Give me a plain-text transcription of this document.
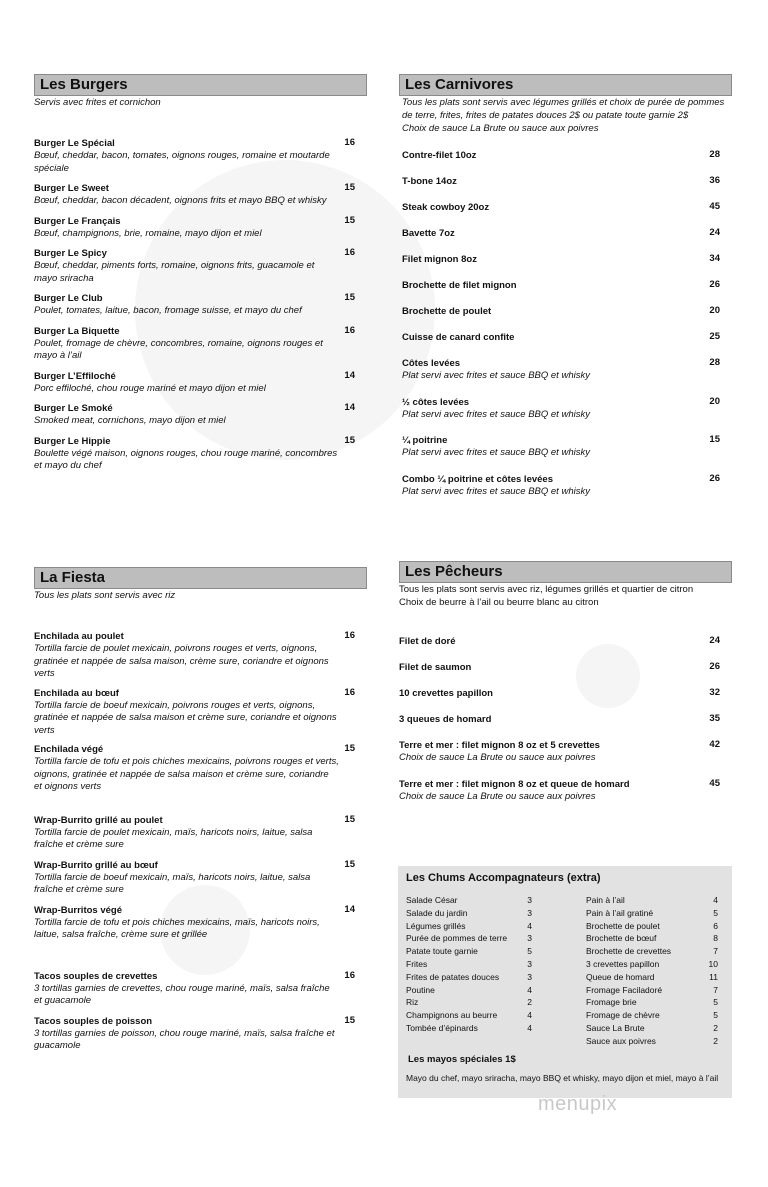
Les Burgers
Servis avec frites et cornichon
Burger Le Spécial	16
Bœuf, cheddar, bacon, tomates, oignons rouges, romaine et moutarde spéciale
Burger Le Sweet	15
Bœuf, cheddar, bacon décadent, oignons frits et mayo BBQ et whisky
Burger Le Français	15
Bœuf, champignons, brie, romaine, mayo dijon et miel
Burger Le Spicy	16
Bœuf, cheddar, piments forts, romaine, oignons frits, guacamole et mayo sriracha
Burger Le Club	15
Poulet, tomates, laitue, bacon, fromage suisse, et mayo du chef
Burger La Biquette	16
Poulet, fromage de chèvre, concombres, romaine, oignons rouges et mayo à l’ail
Burger L’Effiloché	14
Porc effiloché, chou rouge mariné et mayo dijon et miel
Burger Le Smoké	14
Smoked meat, cornichons, mayo dijon et miel
Burger Le Hippie	15
Boulette végé maison, oignons rouges, chou rouge mariné, concombres et mayo du chef
Les Carnivores
Tous les plats sont servis avec légumes grillés et choix de purée de pommes de terre, frites, frites de patates douces 2$ ou patate toute garnie 2$
Choix de sauce La Brute ou sauce aux poivres
Contre-filet 10oz	28
T-bone 14oz	36
Steak cowboy 20oz	45
Bavette 7oz	24
Filet mignon 8oz	34
Brochette de filet mignon	26
Brochette de poulet	20
Cuisse de canard confite	25
Côtes levées	28
Plat servi avec frites et sauce BBQ et whisky
½ côtes levées	20
Plat servi avec frites et sauce BBQ et whisky
¼ poitrine	15
Plat servi avec frites et sauce BBQ et whisky
Combo ¼ poitrine et côtes levées	26
Plat servi avec frites et sauce BBQ et whisky
La Fiesta
Tous les plats sont servis avec riz
Enchilada au poulet	16
Tortilla farcie de poulet mexicain, poivrons rouges et verts, oignons, gratinée et nappée de salsa maison, crème sure, coriandre et oignons verts
Enchilada au bœuf	16
Tortilla farcie de boeuf mexicain, poivrons rouges et verts, oignons, gratinée et nappée de salsa maison et crème sure, coriandre et oignons verts
Enchilada végé	15
Tortilla farcie de tofu et pois chiches mexicains, poivrons rouges et verts, oignons, gratinée et nappée de salsa maison et crème sure, coriandre et oignons verts
Wrap-Burrito grillé au poulet	15
Tortilla farcie de poulet mexicain, maïs, haricots noirs, laitue, salsa fraîche et crème sure
Wrap-Burrito grillé au bœuf	15
Tortilla farcie de boeuf mexicain, maïs, haricots noirs, laitue, salsa fraîche et crème sure
Wrap-Burritos végé	14
Tortilla farcie de tofu et pois chiches mexicains, maïs, haricots noirs, laitue, salsa fraîche, crème sure et grillée
Tacos souples de crevettes	16
3 tortillas garnies de crevettes, chou rouge mariné, maïs, salsa fraîche et guacamole
Tacos souples de poisson	15
3 tortillas garnies de poisson, chou rouge mariné, maïs, salsa fraîche et guacamole
Les Pêcheurs
Tous les plats sont servis avec riz, légumes grillés et quartier de citron
Choix de beurre à l’ail ou beurre blanc au citron
Filet de doré	24
Filet de saumon	26
10 crevettes papillon	32
3 queues de homard	35
Terre et mer : filet mignon 8 oz et 5 crevettes	42
Choix de sauce La Brute ou sauce aux poivres
Terre et mer : filet mignon 8 oz et queue de homard	45
Choix de sauce La Brute ou sauce aux poivres
Les Chums Accompagnateurs (extra)
Salade César	3
Salade du jardin	3
Légumes grillés	4
Purée de pommes de terre 3
Patate toute garnie	5
Frites	3
Frites de patates douces	3
Poutine	4
Riz	2
Champignons au beurre	4
Tombée d’épinards	4
Pain à l’ail	4
Pain à l’ail gratiné	5
Brochette de poulet	6
Brochette de bœuf	8
Brochette de crevettes	7
3 crevettes papillon	10
Queue de homard	11
Fromage Faciladoré	7
Fromage brie	5
Fromage de chèvre	5
Sauce La Brute	2
Sauce aux poivres	2
Les mayos spéciales 1$
Mayo du chef, mayo sriracha, mayo BBQ et whisky, mayo dijon et miel, mayo à l’ail
menupix
